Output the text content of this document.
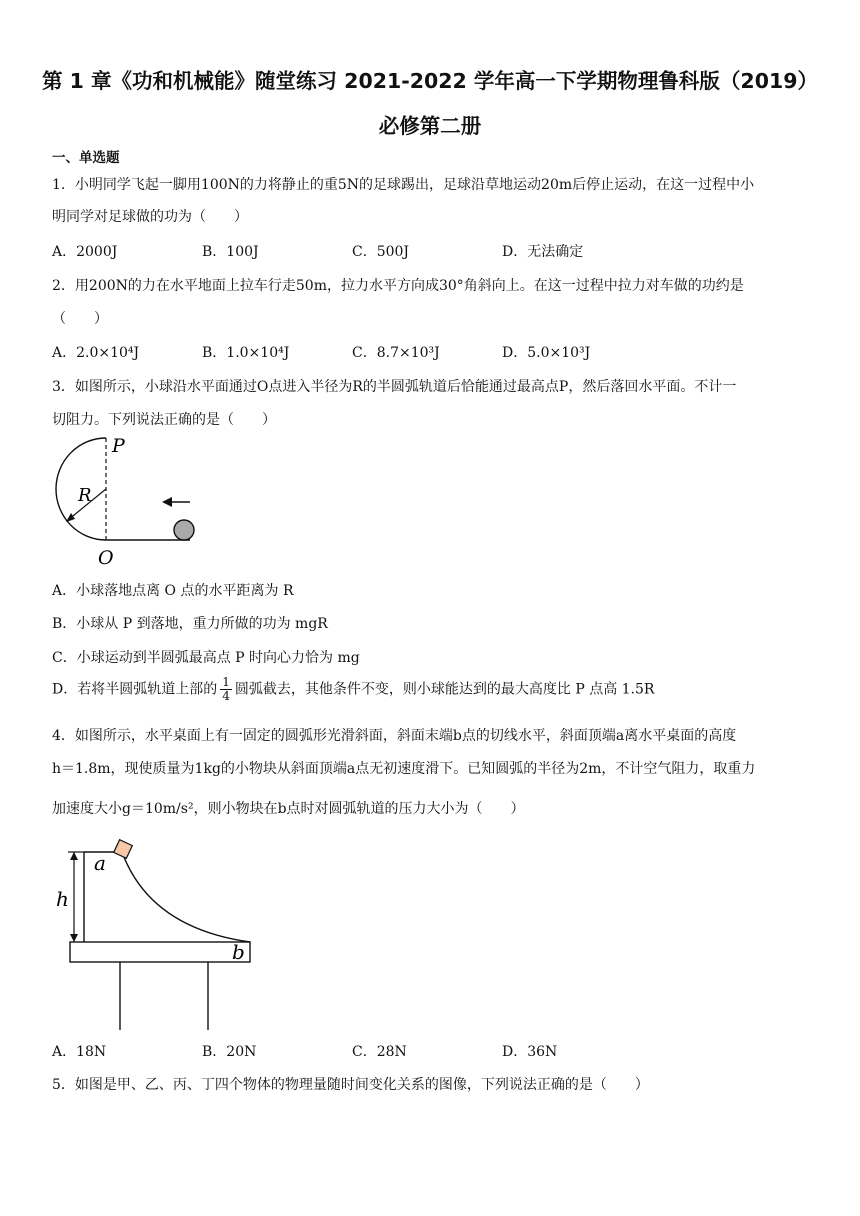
第 1 章《功和机械能》随堂练习 2021-2022 学年高一下学期物理鲁科版（2019）
必修第二册
一、单选题
1．小明同学飞起一脚用100N的力将静止的重5N的足球踢出，足球沿草地运动20m后停止运动，在这一过程中小
明同学对足球做的功为（　　）
A．2000J	B．100J	C．500J	D．无法确定
2．用200N的力在水平地面上拉车行走50m，拉力水平方向成30°角斜向上。在这一过程中拉力对车做的功约是
（　　）
A．2.0×10⁴J	B．1.0×10⁴J	C．8.7×10³J	D．5.0×10³J
3．如图所示，小球沿水平面通过O点进入半径为R的半圆弧轨道后恰能通过最高点P，然后落回水平面。不计一
切阻力。下列说法正确的是（　　）
P
R
O
A．小球落地点离 O 点的水平距离为 R
B．小球从 P 到落地，重力所做的功为 mgR
C．小球运动到半圆弧最高点 P 时向心力恰为 mg
D．若将半圆弧轨道上部的 $\frac{1}{4}$ 圆弧截去，其他条件不变，则小球能达到的最大高度比 P 点高 1.5R
4．如图所示，水平桌面上有一固定的圆弧形光滑斜面，斜面末端b点的切线水平，斜面顶端a离水平桌面的高度
h＝1.8m，现使质量为1kg的小物块从斜面顶端a点无初速度滑下。已知圆弧的半径为2m，不计空气阻力，取重力
加速度大小g＝10m/s²，则小物块在b点时对圆弧轨道的压力大小为（　　）
a
h
b
A．18N	B．20N	C．28N	D．36N
5．如图是甲、乙、丙、丁四个物体的物理量随时间变化关系的图像，下列说法正确的是（　　）
